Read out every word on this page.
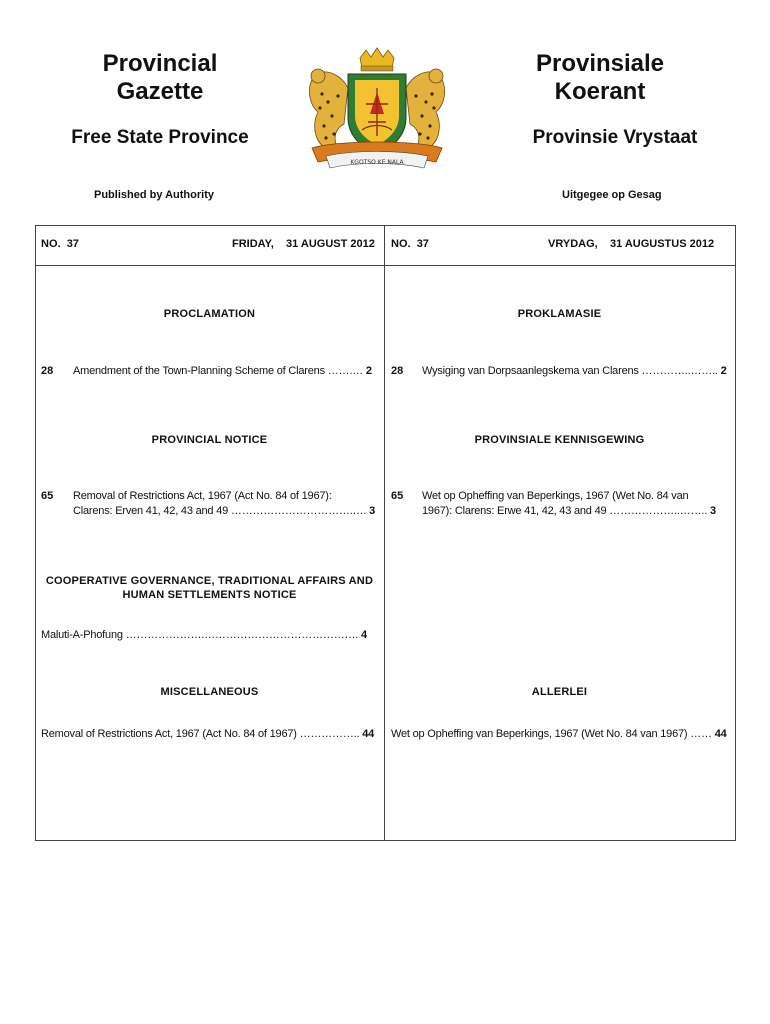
Provincial
Gazette
Provinsiale
Koerant
Free State Province	Provinsie Vrystaat
Published by Authority	Uitgegee op Gesag
KGOTSO KE NALA
NO. 37	FRIDAY, 31 AUGUST 2012 NO. 37	VRYDAG, 31 AUGUSTUS 2012
PROCLAMATION	PROKLAMASIE
28 Amendment of the Town-Planning Scheme of Clarens …….… 2	28 Wysiging van Dorpsaanlegskema van Clarens …………..…….. 2
PROVINCIAL NOTICE	PROVINSIALE KENNISGEWING
65 Removal of Restrictions Act, 1967 (Act No. 84 of 1967):
Clarens: Erven 41, 42, 43 and 49 …………………………….…. 3
65 Wet op Opheffing van Beperkings, 1967 (Wet No. 84 van
1967): Clarens: Erwe 41, 42, 43 and 49 ………………..…….. 3
COOPERATIVE GOVERNANCE, TRADITIONAL AFFAIRS AND
HUMAN SETTLEMENTS NOTICE
Maluti-A-Phofung ………………….……………………………………. 4
MISCELLANEOUS	ALLERLEI
Removal of Restrictions Act, 1967 (Act No. 84 of 1967) …………….. 44	Wet op Opheffing van Beperkings, 1967 (Wet No. 84 van 1967) …… 44
